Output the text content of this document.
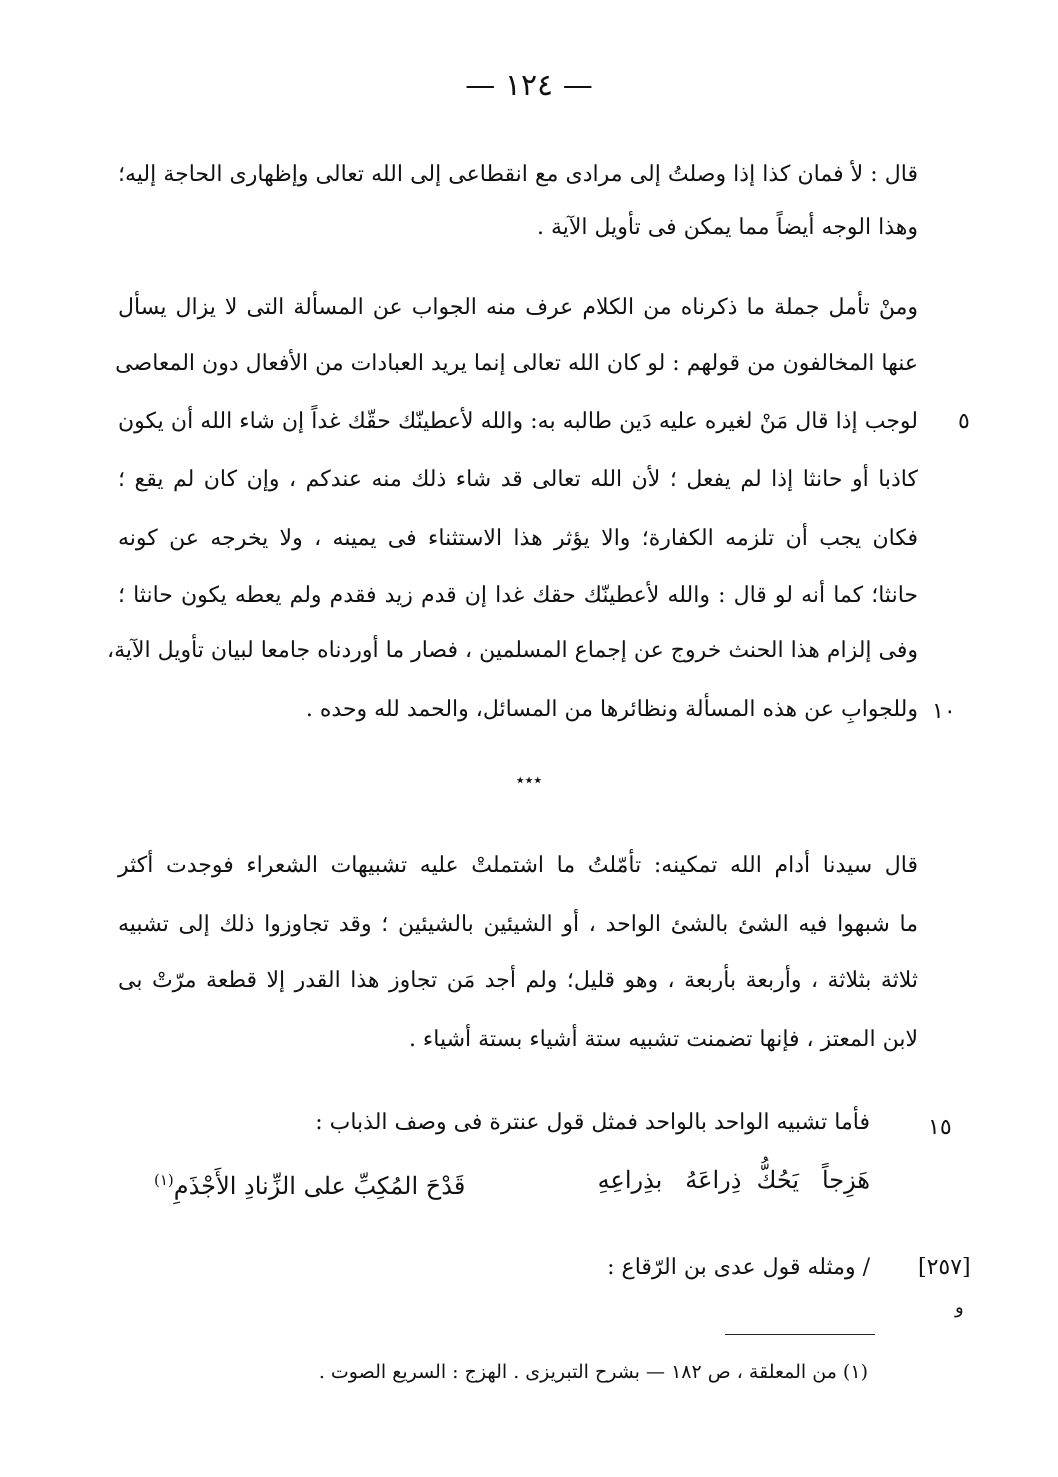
— ١٢٤ —
قال : لأ فمان كذا إذا وصلتُ إلى مرادى مع انقطاعى إلى الله تعالى وإظهارى الحاجة إليه؛
وهذا الوجه أيضاً مما يمكن فى تأويل الآية .
ومنْ تأمل جملة ما ذكرناه من الكلام عرف منه الجواب عن المسألة التى لا يزال يسأل
عنها المخالفون من قولهم : لو كان الله تعالى إنما يريد العبادات من الأفعال دون المعاصى
لوجب إذا قال مَنْ لغيره عليه دَين طالبه به: والله لأعطينّك حقّك غداً إن شاء الله أن يكون ٥
كاذبا أو حانثا إذا لم يفعل ؛ لأن الله تعالى قد شاء ذلك منه عندكم ، وإن كان لم يقع ؛
فكان يجب أن تلزمه الكفارة؛ والا يؤثر هذا الاستثناء فى يمينه ، ولا يخرجه عن كونه
حانثا؛ كما أنه لو قال : والله لأعطينّك حقك غدا إن قدم زيد فقدم ولم يعطه يكون حانثا ؛
وفى إلزام هذا الحنث خروج عن إجماع المسلمين ، فصار ما أوردناه جامعا لبيان تأويل الآية،
وللجوابِ عن هذه المسألة ونظائرها من المسائل، والحمد لله وحده . ١٠
٭٭٭
قال سيدنا أدام الله تمكينه: تأمّلتُ ما اشتملتْ عليه تشبيهات الشعراء فوجدت أكثر
ما شبهوا فيه الشئ بالشئ الواحد ، أو الشيئين بالشيئين ؛ وقد تجاوزوا ذلك إلى تشبيه
ثلاثة بثلاثة ، وأربعة بأربعة ، وهو قليل؛ ولم أجد مَن تجاوز هذا القدر إلا قطعة مرّتْ بى
لابن المعتز ، فإنها تضمنت تشبيه ستة أشياء بستة أشياء .
فأما تشبيه الواحد بالواحد فمثل قول عنترة فى وصف الذباب :	١٥
هَزِجاً   يَحُكُّ  ذِراعَهُ   بذِراعِهِ
قَدْحَ المُكِبِّ على الزِّنادِ الأَجْذَمِ$^{(١)}$
/ ومثله قول عدى بن الرّقاع : [٢٥٧]
و
(١) من المعلقة ، ص ١٨٢ — بشرح التبريزى . الهزج : السريع الصوت .
